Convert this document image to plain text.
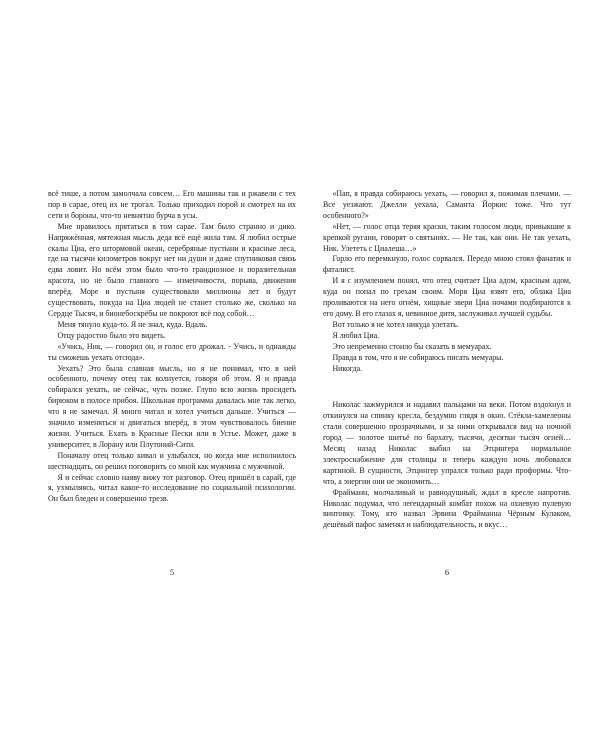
всё тише, а потом замолчала совсем… Его машины так и ржавели с тех пор в сарае, отец их не трогал. Только приходил порой и смотрел на их сети и бороны, что-то невнятно бурча в усы.

Мне нравилось прятаться в том сарае. Там было странно и дико. Напряжённая, мятежная мысль деда всё ещё жила там. Я любил острые скалы Циа, его штормовой океан, серебряные пустыни и красные леса, где на тысячи километров вокруг нет ни души и даже спутниковая связь едва ловит. Но всём этом было что-то грандиозное и поразительная красота, но не было главного — изменчивости, порыва, движения вперёд. Море и пустыня существовали миллионы лет и будут существовать, покуда на Циа людей не станет столько же, сколько на Сердце Тысяч, и бионебоскрёбы не покроют всё под собой…

Меня тянуло куда-то. Я не знал, куда. Вдаль.

Отцу радостно было это видеть.

«Учись, Ник, — говорил он, и голос его дрожал. - Учись, и однажды ты сможешь уехать отсюда».

Уехать? Это была славная мысль, но я не понимал, что в ней особенного, почему отец так волнуется, говоря об этом. Я и правда собирался уехать, не сейчас, чуть позже. Глупо всю жизнь просидеть бирюком в полосе прибоя. Школьная программа давалась мне так легко, что я не замечал. Я много читал и хотел учиться дальше. Учиться — значило изменяться и двигаться вперёд, в этом чувствовалось биение жизни. Учиться. Ехать в Красные Пески или в Устье. Может, даже в университет, в Лорану или Плутоний-Сити.

Поначалу отец только кивал и улыбался, но когда мне исполнилось шестнадцать, он решил поговорить со мной как мужчина с мужчиной.

Я и сейчас словно наяву вижу тот разговор. Отец пришёл в сарай, где я, ухмыляясь, читал какое-то исследование по социальной психологии. Он был бледен и совершенно трезв.

«Пап, я правда собираюсь уехать, — говорил я, пожимая плечами. — Все уезжают. Джелли уехала, Саманта Йоркис тоже. Что тут особенного?»

«Нет, — голос отца теряя краски, таким голосом люди, привыкшие к крепкой ругани, говорят о святынях. — Не так, как они. Не так уехать, Ник. Улететь с Циалеша…»

Горло его перемкнуло, голос сорвался. Передо мною стоял фанатик и фаталист.

И я с изумлением понял, что отец считает Циа адом, красным адом, куда он попал по грехам своим. Моря Циа язвят его, облака Циа проливаются на него огнём, хищные звери Циа ночами подбираются к его дому. В его глазах я, невинное дитя, заслуживал лучшей судьбы.

Вот только я не хотел никуда улетать.

Я любил Циа.

Это непременно стоило бы сказать в мемуарах.

Правда в том, что я не собираюсь писать мемуары.

Никогда.

Николас зажмурился и надавил пальцами на веки. Потом вздохнул и откинулся на спинку кресла, бездумно глядя в окно. Стёкла-хамелеоны стали совершенно прозрачными, и за ними открывался вид на ночной город — золотое шитьё по бархату, тысячи, десятки тысяч огней… Месяц назад Николас выбил на Этцингера нормальное электроснабжение для столицы и теперь каждую ночь любовался картиной. В сущности, Этцингер упрался только ради проформы. Что-что, а энергии они не экономить…

Фрайманн, молчаливый и равнодушный, ждал в кресле напротив. Николас подумал, что легендарный комбат похож на охиевую пулевую винтовку. Тому, кто назвал Эрвина Фрайманна Чёрным Кулаком, дешёвый пафос заменял и наблюдательность, и вкус…

5	6
